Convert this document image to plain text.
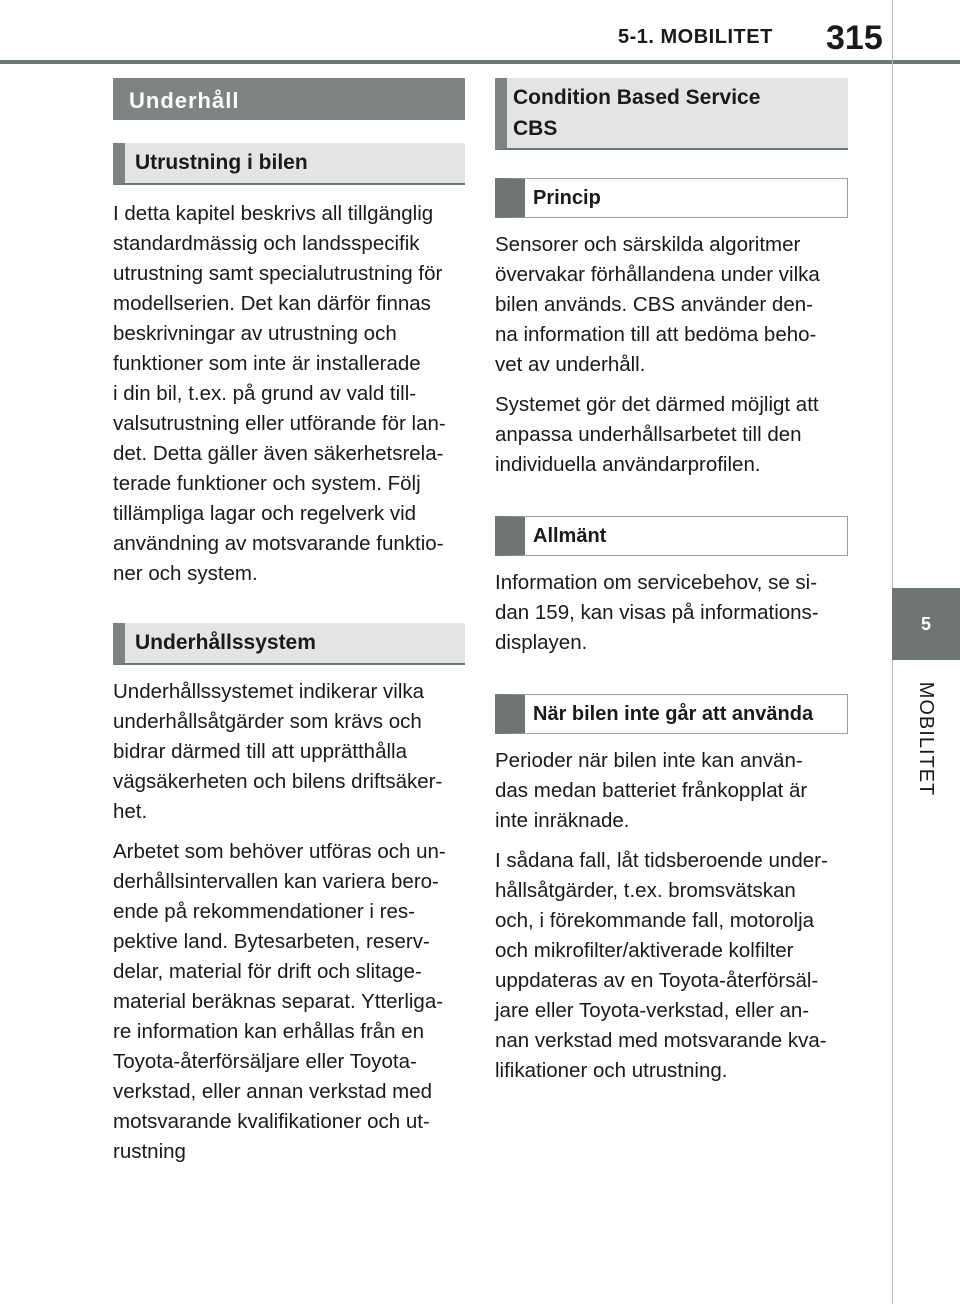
5-1. MOBILITET 315
5
MOBILITET
Underhåll
Utrustning i bilen

I detta kapitel beskrivs all tillgänglig

standardmässig och landsspecifik

utrustning samt specialutrustning för

modellserien. Det kan därför finnas

beskrivningar av utrustning och

funktioner som inte är installerade

i din bil, t.ex. på grund av vald till-

valsutrustning eller utförande för lan-

det. Detta gäller även säkerhetsrela-

terade funktioner och system. Följ

tillämpliga lagar och regelverk vid

användning av motsvarande funktio-

ner och system.

Underhållssystem

Underhållssystemet indikerar vilka

underhållsåtgärder som krävs och

bidrar därmed till att upprätthålla

vägsäkerheten och bilens driftsäker-

het.

Arbetet som behöver utföras och un-

derhållsintervallen kan variera bero-

ende på rekommendationer i res-

pektive land. Bytesarbeten, reserv-

delar, material för drift och slitage-

material beräknas separat. Ytterliga-

re information kan erhållas från en

Toyota-återförsäljare eller Toyota-

verkstad, eller annan verkstad med

motsvarande kvalifikationer och ut-

rustning

Condition Based Service
CBS
Princip

Sensorer och särskilda algoritmer

övervakar förhållandena under vilka

bilen används. CBS använder den-

na information till att bedöma beho-

vet av underhåll.

Systemet gör det därmed möjligt att

anpassa underhållsarbetet till den

individuella användarprofilen.

Allmänt

Information om servicebehov, se si-

dan 159, kan visas på informations-

displayen.

När bilen inte går att använda

Perioder när bilen inte kan använ-

das medan batteriet frånkopplat är

inte inräknade.

I sådana fall, låt tidsberoende under-

hållsåtgärder, t.ex. bromsvätskan

och, i förekommande fall, motorolja

och mikrofilter/aktiverade kolfilter

uppdateras av en Toyota-återförsäl-

jare eller Toyota-verkstad, eller an-

nan verkstad med motsvarande kva-

lifikationer och utrustning.
